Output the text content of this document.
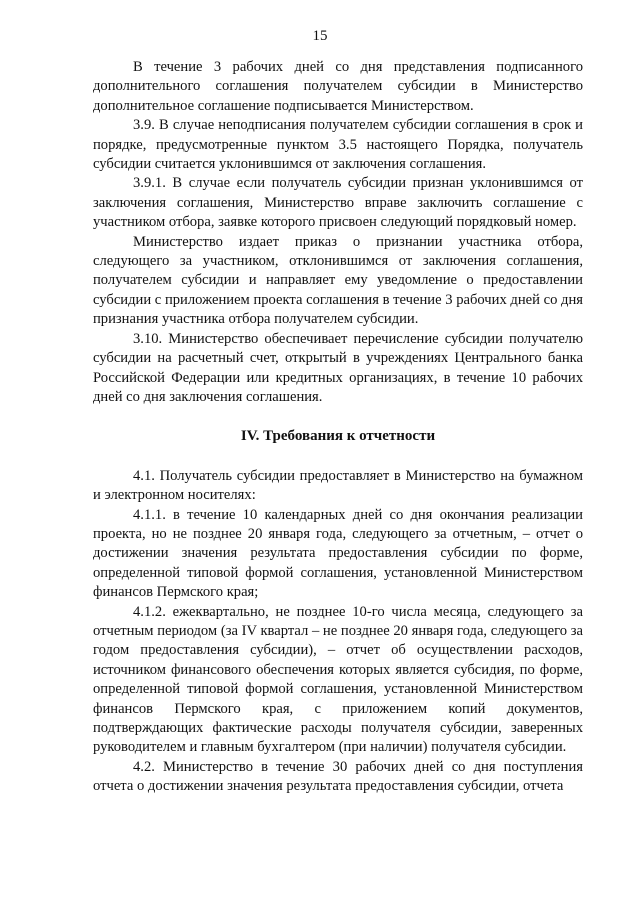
15

В течение 3 рабочих дней со дня представления подписанного дополнительного соглашения получателем субсидии в Министерство дополнительное соглашение подписывается Министерством.

3.9. В случае неподписания получателем субсидии соглашения в срок и порядке, предусмотренные пунктом 3.5 настоящего Порядка, получатель субсидии считается уклонившимся от заключения соглашения.

3.9.1. В случае если получатель субсидии признан уклонившимся от заключения соглашения, Министерство вправе заключить соглашение с участником отбора, заявке которого присвоен следующий порядковый номер.

Министерство издает приказ о признании участника отбора, следующего за участником, отклонившимся от заключения соглашения, получателем субсидии и направляет ему уведомление о предоставлении субсидии с приложением проекта соглашения в течение 3 рабочих дней со дня признания участника отбора получателем субсидии.

3.10. Министерство обеспечивает перечисление субсидии получателю субсидии на расчетный счет, открытый в учреждениях Центрального банка Российской Федерации или кредитных организациях, в течение 10 рабочих дней со дня заключения соглашения.

IV. Требования к отчетности

4.1. Получатель субсидии предоставляет в Министерство на бумажном и электронном носителях:

4.1.1. в течение 10 календарных дней со дня окончания реализации проекта, но не позднее 20 января года, следующего за отчетным, – отчет о достижении значения результата предоставления субсидии по форме, определенной типовой формой соглашения, установленной Министерством финансов Пермского края;

4.1.2. ежеквартально, не позднее 10-го числа месяца, следующего за отчетным периодом (за IV квартал – не позднее 20 января года, следующего за годом предоставления субсидии), – отчет об осуществлении расходов, источником финансового обеспечения которых является субсидия, по форме, определенной типовой формой соглашения, установленной Министерством финансов Пермского края, с приложением копий документов, подтверждающих фактические расходы получателя субсидии, заверенных руководителем и главным бухгалтером (при наличии) получателя субсидии.

4.2. Министерство в течение 30 рабочих дней со дня поступления отчета о достижении значения результата предоставления субсидии, отчета
